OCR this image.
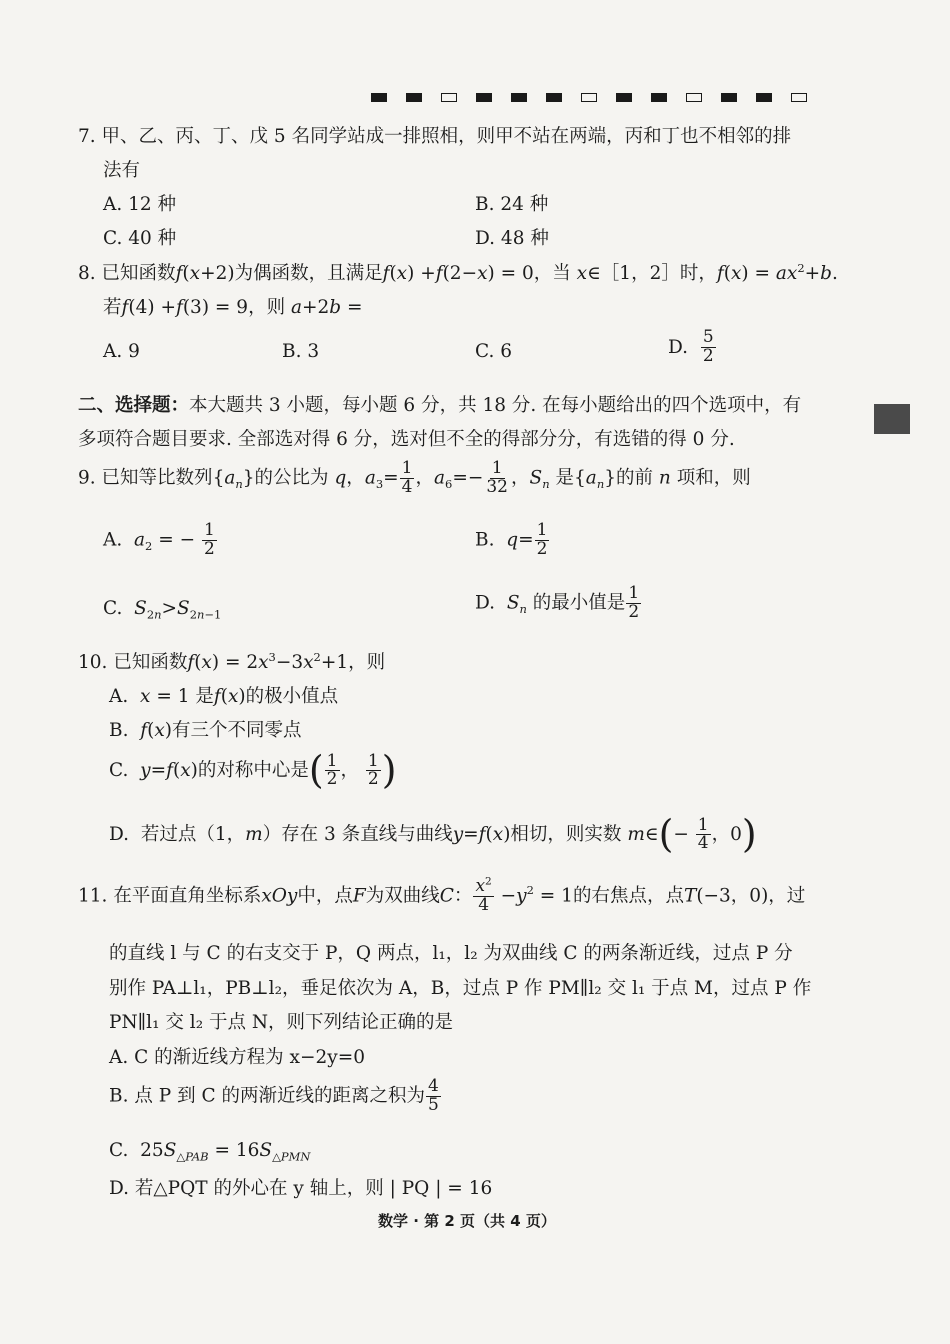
7. 甲、乙、丙、丁、戊 5 名同学站成一排照相，则甲不站在两端，丙和丁也不相邻的排
法有
A. 12 种	B. 24 种
C. 40 种	D. 48 种
8. 已知函数f(x+2)为偶函数，且满足f(x) +f(2−x) = 0，当 x∈［1，2］时，$f(x) = ax^2+b$.
若f(4) +f(3) = 9，则 a+2b =
A. 9	B. 3	C. 6	D. $\frac{5}{2}$
二、选择题：本大题共 3 小题，每小题 6 分，共 18 分. 在每小题给出的四个选项中，有
多项符合题目要求. 全部选对得 6 分，选对但不全的得部分分，有选错的得 0 分.
9. 已知等比数列$\{a_n\}$的公比为 q，$a_3= \frac{1}{4}$ ，$a_6=- \frac{1}{32}$ ，$S_n$ 是$\{a_n\}$的前 n 项和，则
A. $a_2$ = − $\frac{1}{2}$	B. $q= \frac{1}{2}$
C. $S_{2n}>S_{2n-1}$
D. $S_n$ 的最小值是 $\frac{1}{2}$
10. 已知函数$f(x) = 2x^3-3x^2+1$，则
A. x = 1 是f(x)的极小值点
B. f(x)有三个不同零点
C. y=f(x)的对称中心是( $\frac{1}{2}$ ， $\frac{1}{2}$ )
D. 若过点（1，m）存在 3 条直线与曲线y=f(x)相切，则实数 m∈(− $\frac{1}{4}$ ，0)
11. 在平面直角坐标系xOy中，点F为双曲线C： $\frac{x^2}{4} -y^2 = 1$的右焦点，点T(−3，0)，过
的直线 l 与 C 的右支交于 P，Q 两点，l₁，l₂ 为双曲线 C 的两条渐近线，过点 P 分
别作 PA⊥l₁，PB⊥l₂，垂足依次为 A，B，过点 P 作 PM∥l₂ 交 l₁ 于点 M，过点 P 作
PN∥l₁ 交 l₂ 于点 N，则下列结论正确的是
A. C 的渐近线方程为 x−2y=0
B. 点 P 到 C 的两渐近线的距离之积为 $\frac{4}{5}$
C.  $25S_{\triangle PAB} = 16S_{\triangle PMN}$
D. 若△PQT 的外心在 y 轴上，则 | PQ | = 16
数学 · 第 2 页（共 4 页）
